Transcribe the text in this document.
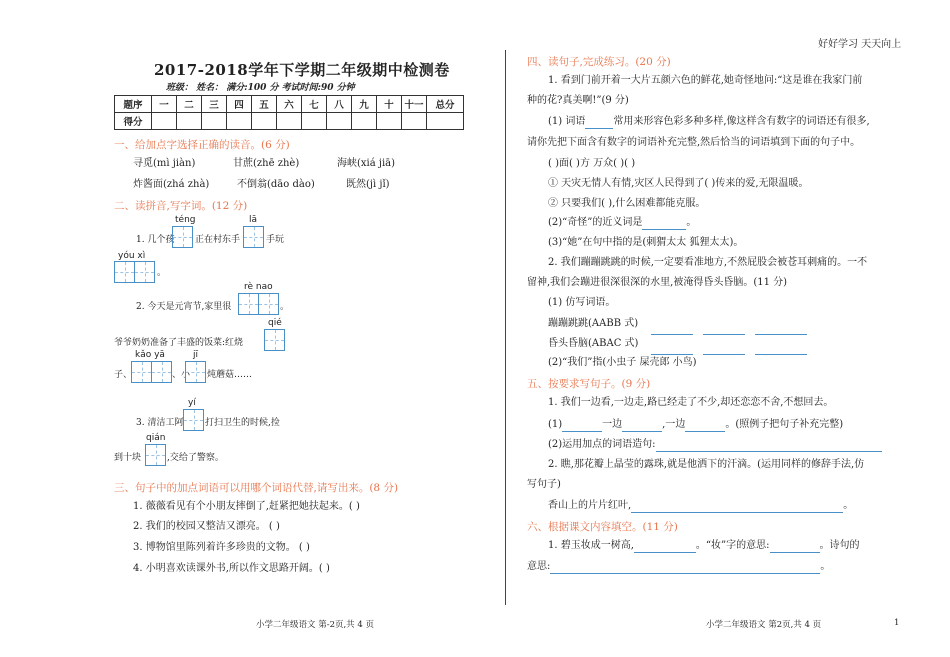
好好学习 天天向上
2017-2018学年下学期二年级期中检测卷
班级： 姓名： 满分:100 分 考试时间:90 分钟
题序	一	二	三	四	五	六	七	八	九	十	十一	总分
得分												
一、给加点字选择正确的读音。(6 分)
寻觅(mì jiàn)	甘蔗(zhē zhè)	海峡(xiá jiā)
炸酱面(zhá zhà)	不倒翁(dāo dào)	既然(jì jǐ)
二、读拼音,写字词。(12 分)
téng	lā
1. 几个孩 正在村东手	手玩
yóu xì
。
rè nao
2. 今天是元宵节,家里很	。
qié
爷爷奶奶准备了丰盛的饭菜:红烧
kǎo yā	jī
子、	、小 炖蘑菇……
yí
3. 清洁工阿 打扫卫生的时候,捡
qián
到十块	,交给了警察。
三、句子中的加点词语可以用哪个词语代替,请写出来。(8 分)
1. 薇薇看见有个小朋友摔倒了,赶紧把她扶起来。( )
2. 我们的校园又整洁又漂亮。 ( )
3. 博物馆里陈列着许多珍贵的文物。 ( )
4. 小明喜欢读课外书,所以作文思路开阔。( )
四、读句子,完成练习。(20 分)
1. 看到门前开着一大片五颜六色的鲜花,她奇怪地问:“这是谁在我家门前
种的花?真美啊!”(9 分)
(1) 词语	常用来形容色彩多种多样,像这样含有数字的词语还有很多,
请你先把下面含有数字的词语补充完整,然后恰当的词语填到下面的句子中。
( )面( )方 万众( )( )
① 天灾无情人有情,灾区人民得到了( )传来的爱,无限温暖。
② 只要我们( ),什么困难都能克服。
(2)“奇怪”的近义词是	。
(3)“她”在句中指的是(刺猬太太 狐狸太太)。
2. 我们蹦蹦跳跳的时候,一定要看准地方,不然屁股会被苍耳刺痛的。一不
留神,我们会蹦进很深很深的水里,被淹得昏头昏脑。(11 分)
(1) 仿写词语。
蹦蹦跳跳(AABB 式)
昏头昏脑(ABAC 式)
(2)“我们”指(小虫子 屎壳郎 小鸟)
五、按要求写句子。(9 分)
1. 我们一边看,一边走,路已经走了不少,却还恋恋不舍,不想回去。
(1)	一边	,一边	。(照例子把句子补充完整)
(2)运用加点的词语造句:
2. 瞧,那花瓣上晶莹的露珠,就是他洒下的汗滴。(运用同样的修辞手法,仿
写句子)
香山上的片片红叶,	。
六、根据课文内容填空。(11 分)
1. 碧玉妆成一树高,	。“妆”字的意思:	。诗句的
意思:	。
小学二年级语文 第-2页,共 4 页	小学二年级语文 第2页,共 4 页	1
